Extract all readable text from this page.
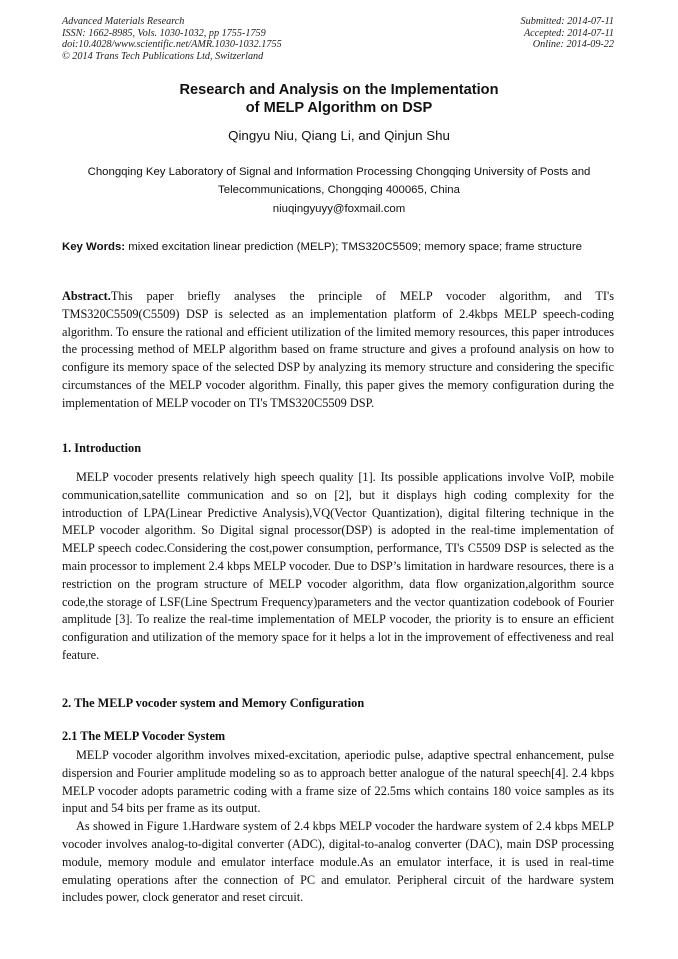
Advanced Materials Research
ISSN: 1662-8985, Vols. 1030-1032, pp 1755-1759
doi:10.4028/www.scientific.net/AMR.1030-1032.1755
© 2014 Trans Tech Publications Ltd, Switzerland
Submitted: 2014-07-11
Accepted: 2014-07-11
Online: 2014-09-22
Research and Analysis on the Implementation
of MELP Algorithm on DSP
Qingyu Niu, Qiang Li, and Qinjun Shu
Chongqing Key Laboratory of Signal and Information Processing Chongqing University of Posts and Telecommunications, Chongqing 400065, China
niuqingyuyy@foxmail.com
Key Words: mixed excitation linear prediction (MELP); TMS320C5509; memory space; frame structure
Abstract.This paper briefly analyses the principle of MELP vocoder algorithm, and TI's TMS320C5509(C5509) DSP is selected as an implementation platform of 2.4kbps MELP speech-coding algorithm. To ensure the rational and efficient utilization of the limited memory resources, this paper introduces the processing method of MELP algorithm based on frame structure and gives a profound analysis on how to configure its memory space of the selected DSP by analyzing its memory structure and considering the specific circumstances of the MELP vocoder algorithm. Finally, this paper gives the memory configuration during the implementation of MELP vocoder on TI's TMS320C5509 DSP.
1. Introduction

MELP vocoder presents relatively high speech quality [1]. Its possible applications involve VoIP, mobile communication,satellite communication and so on [2], but it displays high coding complexity for the introduction of LPA(Linear Predictive Analysis),VQ(Vector Quantization), digital filtering technique in the MELP vocoder algorithm. So Digital signal processor(DSP) is adopted in the real-time implementation of MELP speech codec.Considering the cost,power consumption, performance, TI's C5509 DSP is selected as the main processor to implement 2.4 kbps MELP vocoder. Due to DSP’s limitation in hardware resources, there is a restriction on the program structure of MELP vocoder algorithm, data flow organization,algorithm source code,the storage of LSF(Line Spectrum Frequency)parameters and the vector quantization codebook of Fourier amplitude [3]. To realize the real-time implementation of MELP vocoder, the priority is to ensure an efficient configuration and utilization of the memory space for it helps a lot in the improvement of effectiveness and real feature.

2. The MELP vocoder system and Memory Configuration
2.1 The MELP Vocoder System

MELP vocoder algorithm involves mixed-excitation, aperiodic pulse, adaptive spectral enhancement, pulse dispersion and Fourier amplitude modeling so as to approach better analogue of the natural speech[4]. 2.4 kbps MELP vocoder adopts parametric coding with a frame size of 22.5ms which contains 180 voice samples as its input and 54 bits per frame as its output.

As showed in Figure 1.Hardware system of 2.4 kbps MELP vocoder the hardware system of 2.4 kbps MELP vocoder involves analog-to-digital converter (ADC), digital-to-analog converter (DAC), main DSP processing module, memory module and emulator interface module.As an emulator interface, it is used in real-time emulating operations after the connection of PC and emulator. Peripheral circuit of the hardware system includes power, clock generator and reset circuit.
